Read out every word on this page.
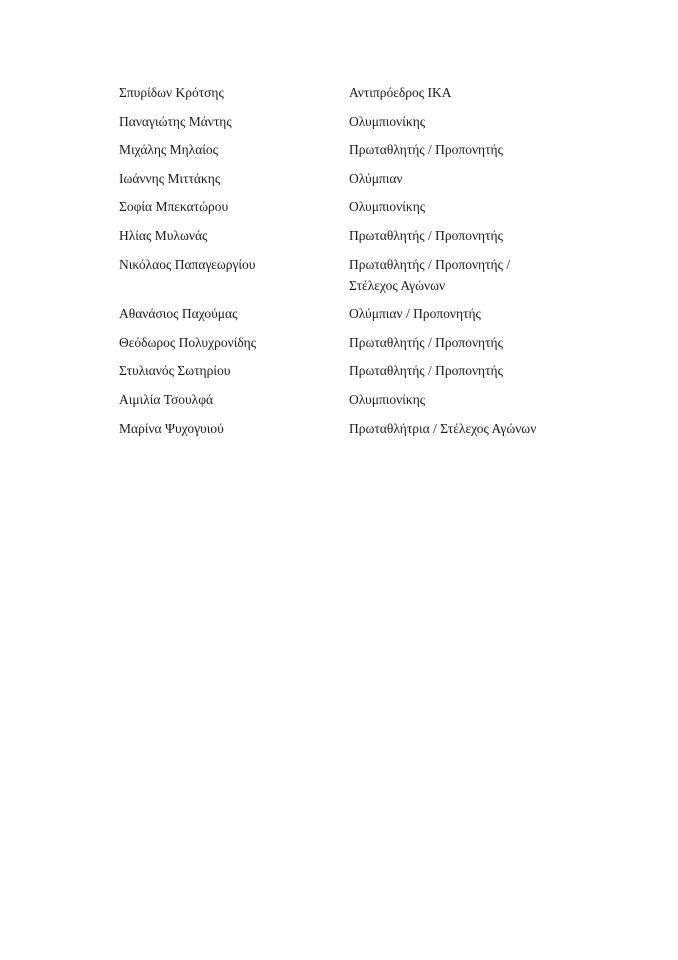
Σπυρίδων Κρότσης	Αντιπρόεδρος ΙΚΑ
Παναγιώτης Μάντης	Ολυμπιονίκης
Μιχάλης Μηλαίος	Πρωταθλητής / Προπονητής
Ιωάννης Μιττάκης	Ολύμπιαν
Σοφία Μπεκατώρου	Ολυμπιονίκης
Ηλίας Μυλωνάς	Πρωταθλητής / Προπονητής
Νικόλαος Παπαγεωργίου	Πρωταθλητής / Προπονητής /
Στέλεχος Αγώνων
Αθανάσιος Παχούμας	Ολύμπιαν / Προπονητής
Θεόδωρος Πολυχρονίδης	Πρωταθλητής / Προπονητής
Στυλιανός Σωτηρίου	Πρωταθλητής / Προπονητής
Αιμιλία Τσουλφά	Ολυμπιονίκης
Μαρίνα Ψυχογυιού	Πρωταθλήτρια / Στέλεχος Αγώνων
